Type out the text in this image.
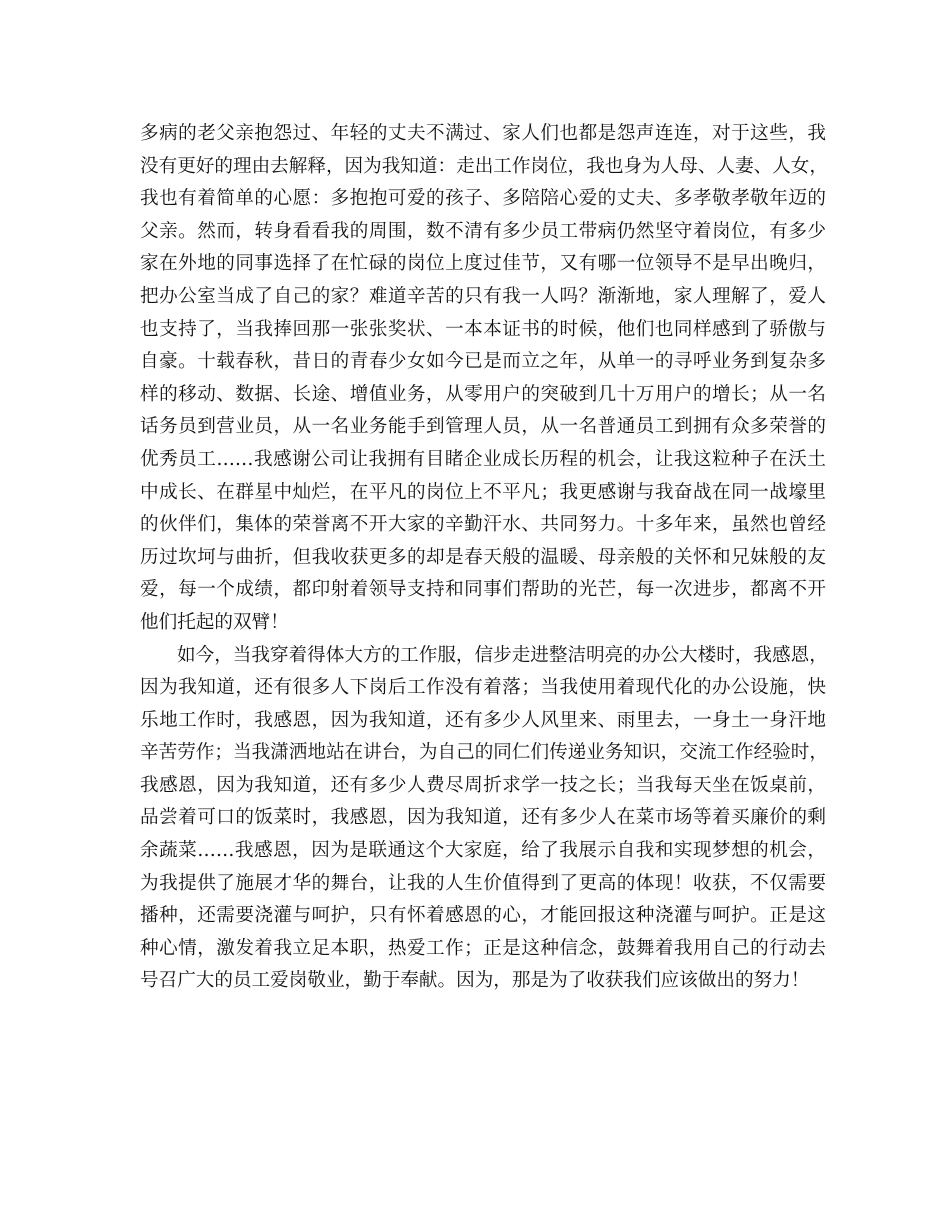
多病的老父亲抱怨过、年轻的丈夫不满过、家人们也都是怨声连连，对于这些，我
没有更好的理由去解释，因为我知道：走出工作岗位，我也身为人母、人妻、人女，
我也有着简单的心愿：多抱抱可爱的孩子、多陪陪心爱的丈夫、多孝敬孝敬年迈的
父亲。然而，转身看看我的周围，数不清有多少员工带病仍然坚守着岗位，有多少
家在外地的同事选择了在忙碌的岗位上度过佳节，又有哪一位领导不是早出晚归，
把办公室当成了自己的家？难道辛苦的只有我一人吗？渐渐地，家人理解了，爱人
也支持了，当我捧回那一张张奖状、一本本证书的时候，他们也同样感到了骄傲与
自豪。十载春秋，昔日的青春少女如今已是而立之年，从单一的寻呼业务到复杂多
样的移动、数据、长途、增值业务，从零用户的突破到几十万用户的增长；从一名
话务员到营业员，从一名业务能手到管理人员，从一名普通员工到拥有众多荣誉的
优秀员工……我感谢公司让我拥有目睹企业成长历程的机会，让我这粒种子在沃土
中成长、在群星中灿烂，在平凡的岗位上不平凡；我更感谢与我奋战在同一战壕里
的伙伴们，集体的荣誉离不开大家的辛勤汗水、共同努力。十多年来，虽然也曾经
历过坎坷与曲折，但我收获更多的却是春天般的温暖、母亲般的关怀和兄妹般的友
爱，每一个成绩，都印射着领导支持和同事们帮助的光芒，每一次进步，都离不开
他们托起的双臂！
如今，当我穿着得体大方的工作服，信步走进整洁明亮的办公大楼时，我感恩，
因为我知道，还有很多人下岗后工作没有着落；当我使用着现代化的办公设施，快
乐地工作时，我感恩，因为我知道，还有多少人风里来、雨里去，一身土一身汗地
辛苦劳作；当我潇洒地站在讲台，为自己的同仁们传递业务知识，交流工作经验时，
我感恩，因为我知道，还有多少人费尽周折求学一技之长；当我每天坐在饭桌前，
品尝着可口的饭菜时，我感恩，因为我知道，还有多少人在菜市场等着买廉价的剩
余蔬菜……我感恩，因为是联通这个大家庭，给了我展示自我和实现梦想的机会，
为我提供了施展才华的舞台，让我的人生价值得到了更高的体现！收获，不仅需要
播种，还需要浇灌与呵护，只有怀着感恩的心，才能回报这种浇灌与呵护。正是这
种心情，激发着我立足本职，热爱工作；正是这种信念，鼓舞着我用自己的行动去
号召广大的员工爱岗敬业，勤于奉献。因为，那是为了收获我们应该做出的努力！
